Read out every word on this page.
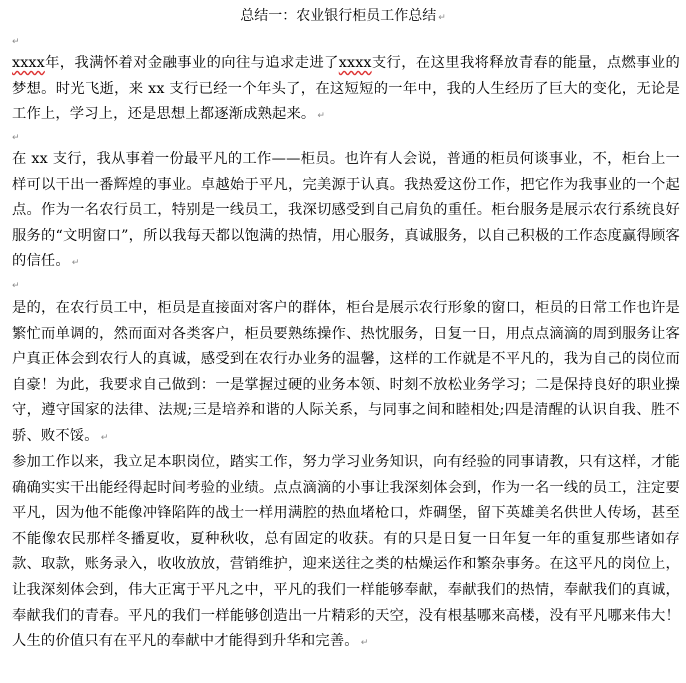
总结一：农业银行柜员工作总结 ↵
↵

xxxx年，我满怀着对金融事业的向往与追求走进了xxxx支行，在这里我将释放青春的能量，点燃事业的梦想。时光飞逝，来 xx 支行已经一个年头了，在这短短的一年中，我的人生经历了巨大的变化，无论是工作上，学习上，还是思想上都逐渐成熟起来。 ↵

↵

在 xx 支行，我从事着一份最平凡的工作——柜员。也许有人会说，普通的柜员何谈事业，不，柜台上一样可以干出一番辉煌的事业。卓越始于平凡，完美源于认真。我热爱这份工作，把它作为我事业的一个起点。作为一名农行员工，特别是一线员工，我深切感受到自己肩负的重任。柜台服务是展示农行系统良好服务的“文明窗口”，所以我每天都以饱满的热情，用心服务，真诚服务，以自己积极的工作态度赢得顾客的信任。 ↵

↵

是的，在农行员工中，柜员是直接面对客户的群体，柜台是展示农行形象的窗口，柜员的日常工作也许是繁忙而单调的，然而面对各类客户，柜员要熟练操作、热忱服务，日复一日，用点点滴滴的周到服务让客户真正体会到农行人的真诚，感受到在农行办业务的温馨，这样的工作就是不平凡的，我为自己的岗位而自豪！为此，我要求自己做到：一是掌握过硬的业务本领、时刻不放松业务学习；二是保持良好的职业操守，遵守国家的法律、法规;三是培养和谐的人际关系，与同事之间和睦相处;四是清醒的认识自我、胜不骄、败不馁。 ↵

参加工作以来，我立足本职岗位，踏实工作，努力学习业务知识，向有经验的同事请教，只有这样，才能确确实实干出能经得起时间考验的业绩。点点滴滴的小事让我深刻体会到，作为一名一线的员工，注定要平凡，因为他不能像冲锋陷阵的战士一样用满腔的热血堵枪口，炸碉堡，留下英雄美名供世人传场，甚至不能像农民那样冬播夏收，夏种秋收，总有固定的收获。有的只是日复一日年复一年的重复那些诸如存款、取款，账务录入，收收放放，营销维护，迎来送往之类的枯燥运作和繁杂事务。在这平凡的岗位上，让我深刻体会到，伟大正寓于平凡之中，平凡的我们一样能够奉献，奉献我们的热情，奉献我们的真诚，奉献我们的青春。平凡的我们一样能够创造出一片精彩的天空，没有根基哪来高楼，没有平凡哪来伟大！人生的价值只有在平凡的奉献中才能得到升华和完善。 ↵
